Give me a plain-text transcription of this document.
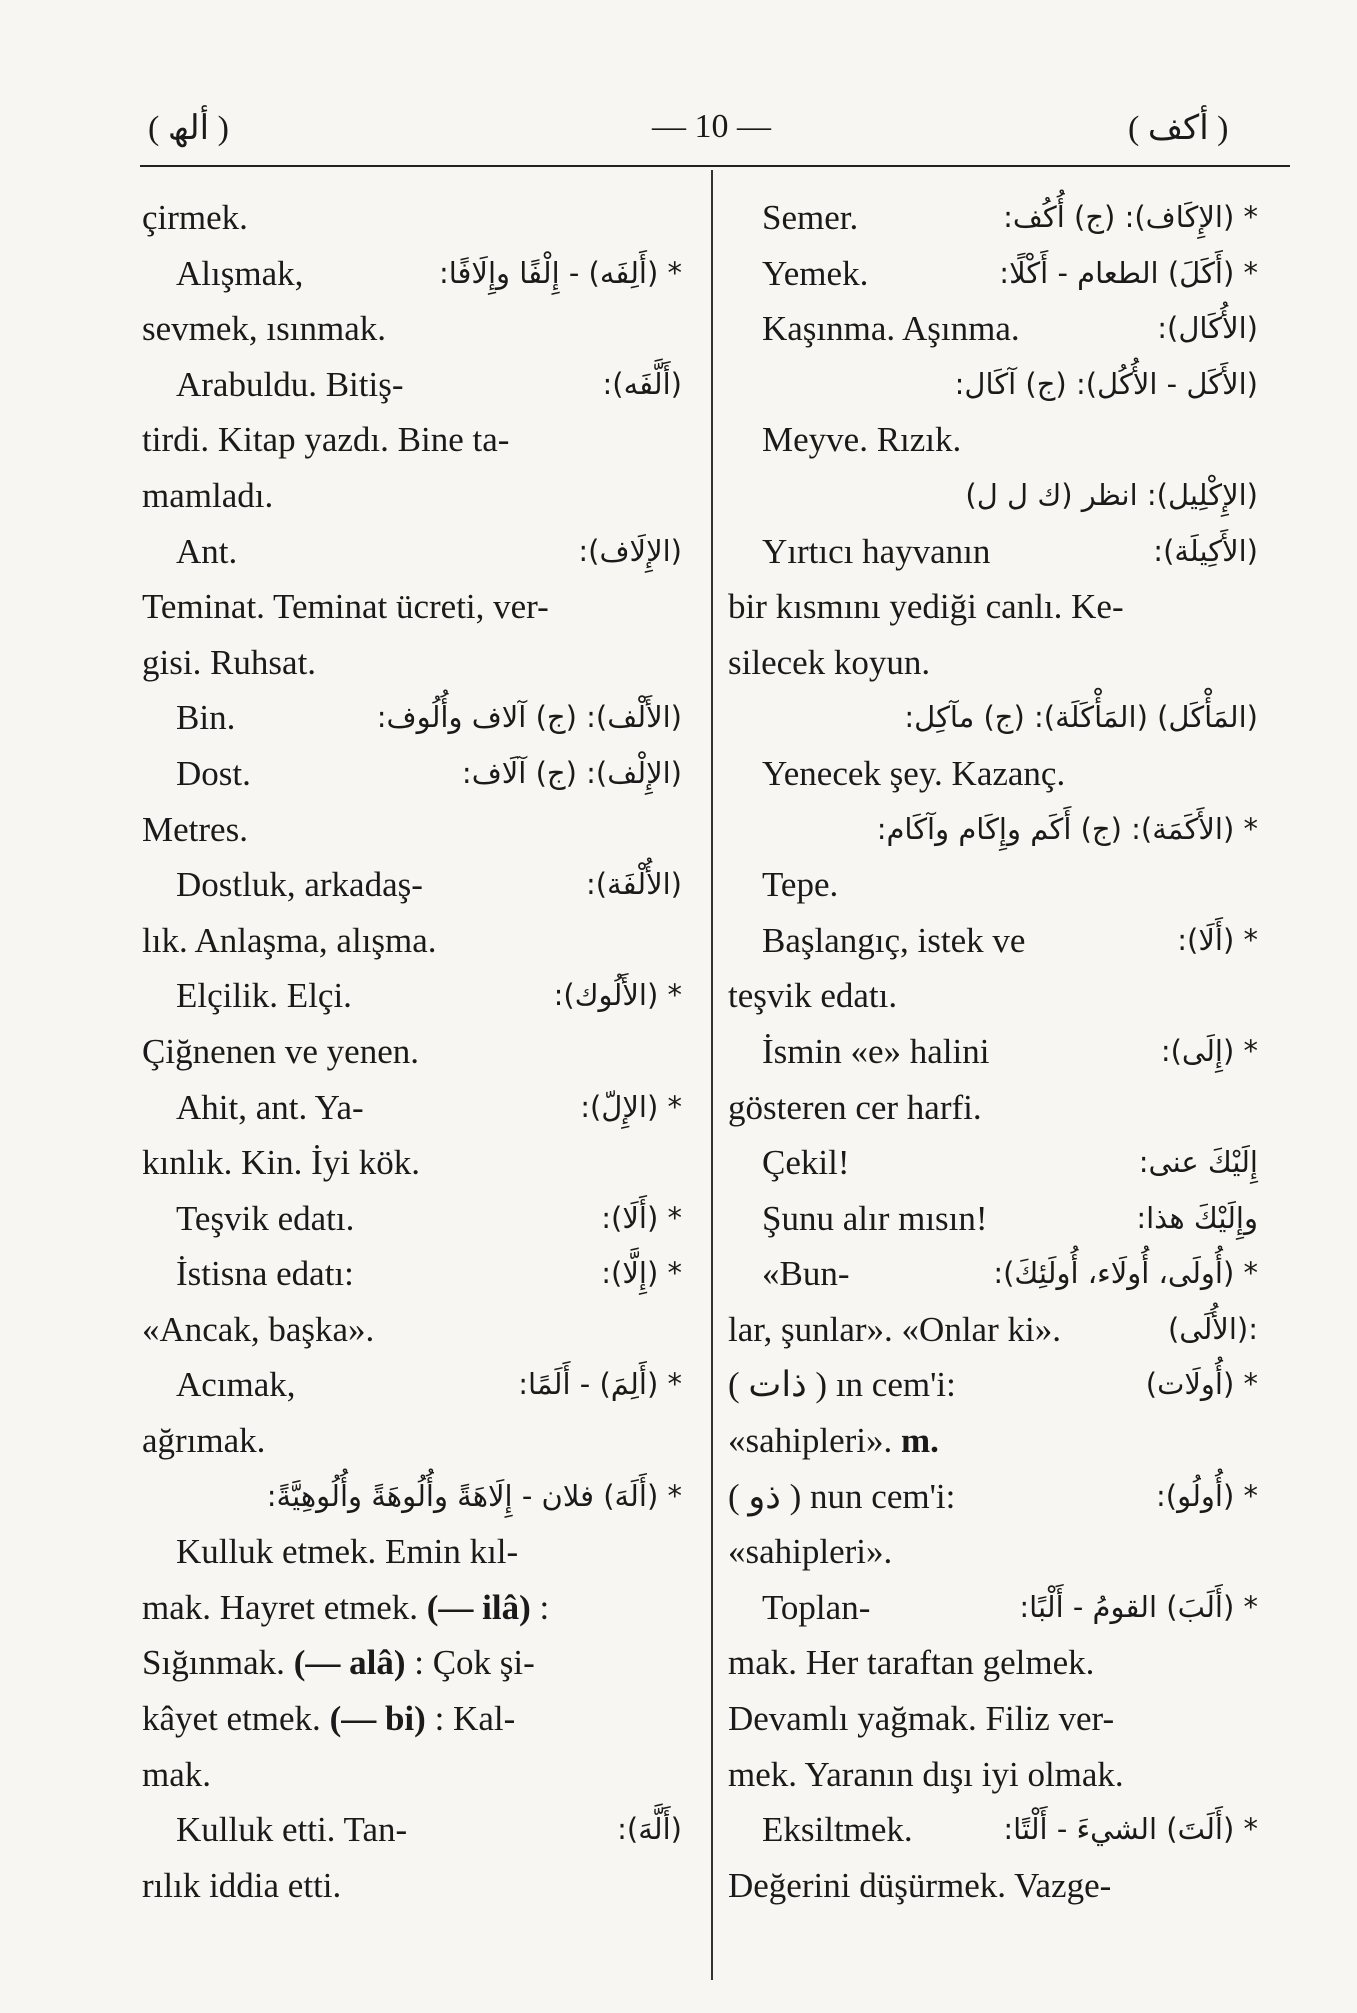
( ألھ )	— 10 —	( أكف )
çirmek.
Alışmak,	* (أَلِفَه) - إِلْفًا وإِلَافًا:
sevmek, ısınmak.
Arabuldu. Bitiş-	(أَلَّفَه):
tirdi. Kitap yazdı. Bine ta-
mamladı.
Ant.	(الإِلَاف):
Teminat. Teminat ücreti, ver-
gisi. Ruhsat.
Bin.	(الأَلْف): (ج) آلاف وأُلُوف:
Dost.	(الإِلْف): (ج) آلَاف:
Metres.
Dostluk, arkadaş-	(الأُلْفَة):
lık. Anlaşma, alışma.
Elçilik. Elçi.	* (الأَلُوك):
Çiğnenen ve yenen.
Ahit, ant. Ya-	* (الإِلّ):
kınlık. Kin. İyi kök.
Teşvik edatı.	* (أَلَا):
İstisna edatı:	* (إِلَّا):
«Ancak, başka».
Acımak,	* (أَلِمَ) - أَلَمًا:
ağrımak.
* (أَلَهَ) فلان - إِلَاهَةً وأُلُوهَةً وأُلُوهِيَّةً:
Kulluk etmek. Emin kıl-
mak. Hayret etmek. (— ilâ) :
Sığınmak. (— alâ) : Çok şi-
kâyet etmek. (— bi) : Kal-
mak.
Kulluk etti. Tan-	(أَلَّهَ):
rılık iddia etti.
Semer.	* (الإِكَاف): (ج) أُكُف:
Yemek.	* (أَكَلَ) الطعام - أَكْلًا:
Kaşınma. Aşınma.	(الأُكَال):
(الأَكَل - الأُكُل): (ج) آكَال:
Meyve. Rızık.
(الإِكْلِيل): انظر (ك ل ل)
Yırtıcı hayvanın	(الأَكِيلَة):
bir kısmını yediği canlı. Ke-
silecek koyun.
(المَأْكَل) (المَأْكَلَة): (ج) مآكِل:
Yenecek şey. Kazanç.
* (الأَكَمَة): (ج) أَكَم وإِكَام وآكَام:
Tepe.
Başlangıç, istek ve	* (أَلَا):
teşvik edatı.
İsmin «e» halini	* (إِلَى):
gösteren cer harfi.
Çekil!	إِلَيْكَ عنى:
Şunu alır mısın!	وإِلَيْكَ هذا:
«Bun-	* (أُولَى، أُولَاء، أُولَئِكَ):
lar, şunlar». «Onlar ki».	:(الأُلَى)
( ذات ) ın cem'i:	* (أُولَات)
«sahipleri». m.
( ذو ) nun cem'i:	* (أُولُو):
«sahipleri».
Toplan-	* (أَلَبَ) القومُ - أَلْبًا:
mak. Her taraftan gelmek.
Devamlı yağmak. Filiz ver-
mek. Yaranın dışı iyi olmak.
Eksiltmek.	* (أَلَتَ) الشيءَ - أَلْتًا:
Değerini düşürmek. Vazge-
